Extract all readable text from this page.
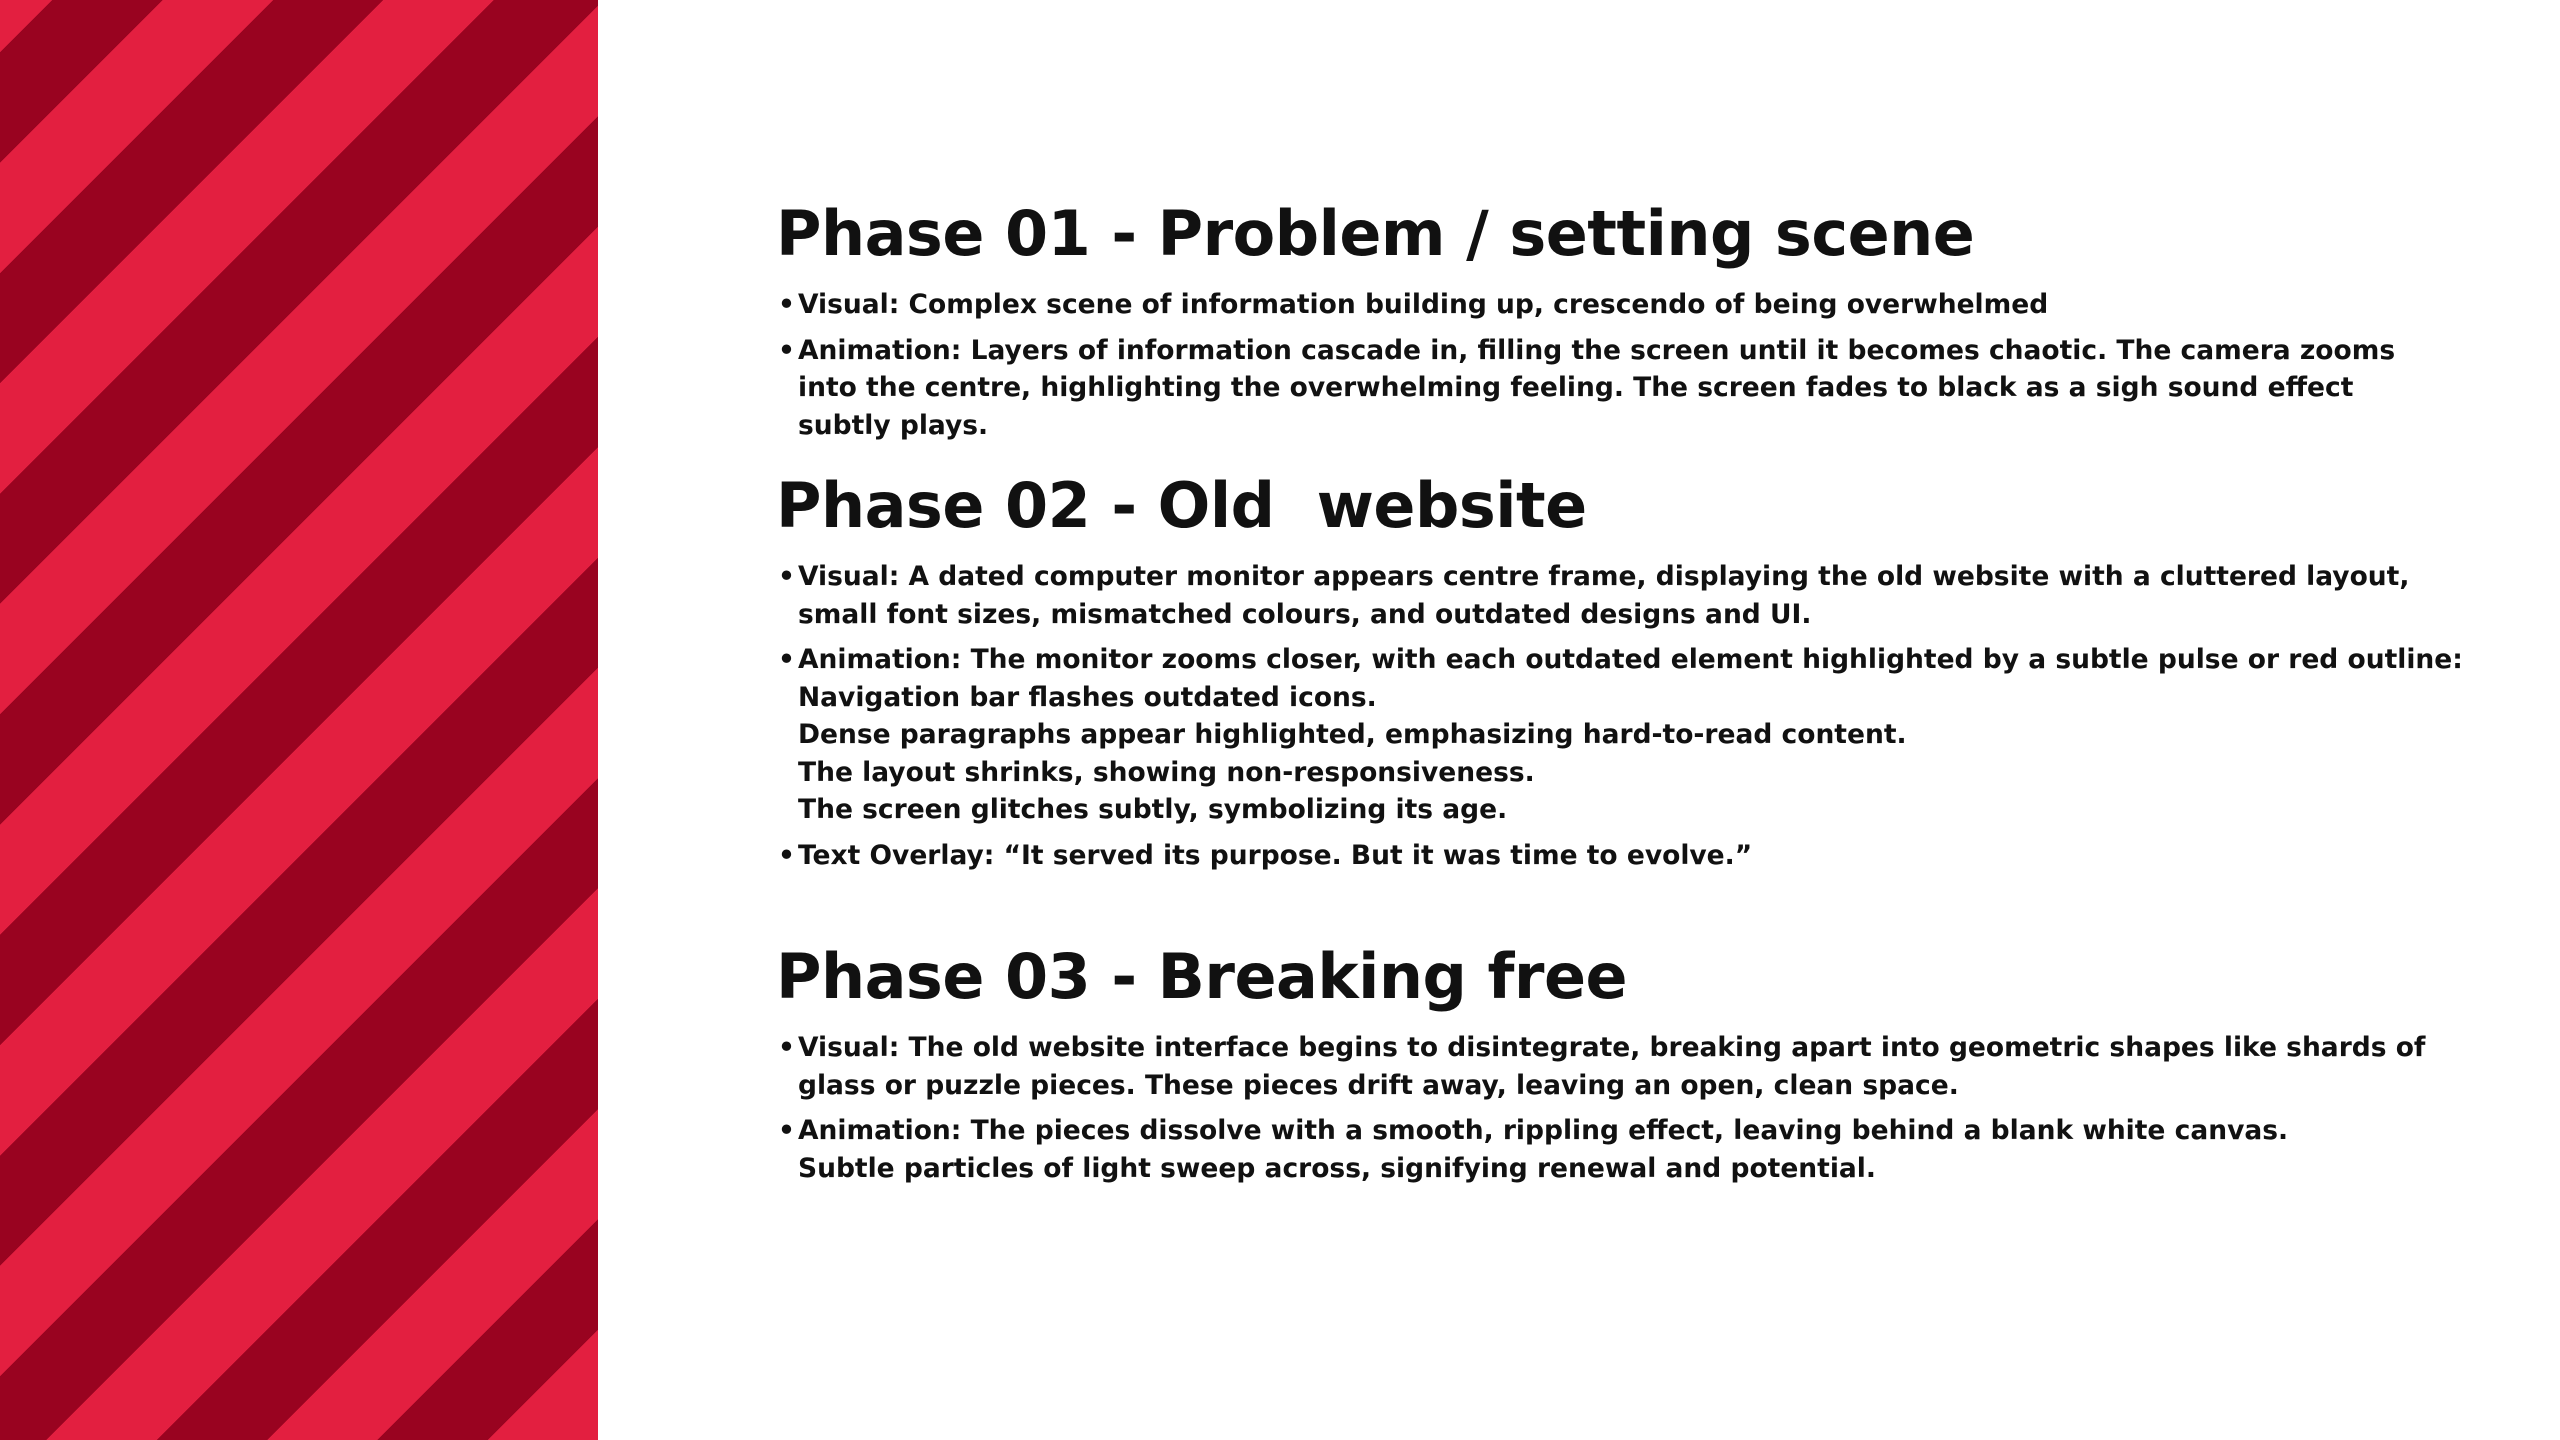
Phase 01 - Problem / setting scene
• Visual: Complex scene of information building up, crescendo of being overwhelmed
• Animation: Layers of information cascade in, filling the screen until it becomes chaotic. The camera zooms
into the centre, highlighting the overwhelming feeling. The screen fades to black as a sigh sound effect
subtly plays.
Phase 02 - Old  website
• Visual: A dated computer monitor appears centre frame, displaying the old website with a cluttered layout,
small font sizes, mismatched colours, and outdated designs and UI.
• Animation: The monitor zooms closer, with each outdated element highlighted by a subtle pulse or red outline:
Navigation bar flashes outdated icons.
Dense paragraphs appear highlighted, emphasizing hard-to-read content.
The layout shrinks, showing non-responsiveness.
The screen glitches subtly, symbolizing its age.
• Text Overlay: “It served its purpose. But it was time to evolve.”
Phase 03 - Breaking free
• Visual: The old website interface begins to disintegrate, breaking apart into geometric shapes like shards of
glass or puzzle pieces. These pieces drift away, leaving an open, clean space.
• Animation: The pieces dissolve with a smooth, rippling effect, leaving behind a blank white canvas.
Subtle particles of light sweep across, signifying renewal and potential.
